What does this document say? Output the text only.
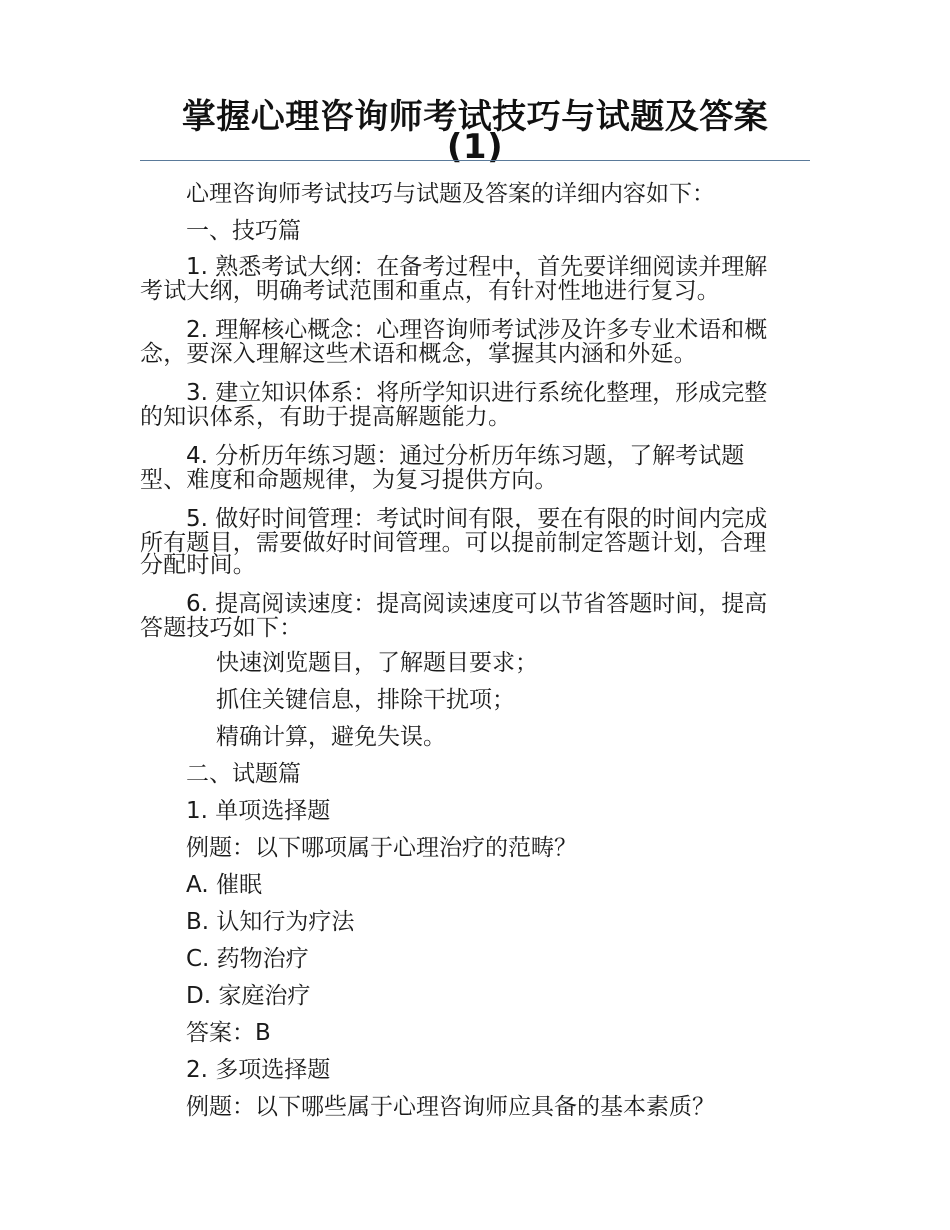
掌握心理咨询师考试技巧与试题及答案
(1)
心理咨询师考试技巧与试题及答案的详细内容如下：
一、技巧篇
1. 熟悉考试大纲：在备考过程中，首先要详细阅读并理解
考试大纲，明确考试范围和重点，有针对性地进行复习。
2. 理解核心概念：心理咨询师考试涉及许多专业术语和概
念，要深入理解这些术语和概念，掌握其内涵和外延。
3. 建立知识体系：将所学知识进行系统化整理，形成完整
的知识体系，有助于提高解题能力。
4. 分析历年练习题：通过分析历年练习题，了解考试题
型、难度和命题规律，为复习提供方向。
5. 做好时间管理：考试时间有限，要在有限的时间内完成
所有题目，需要做好时间管理。可以提前制定答题计划，合理
分配时间。
6. 提高阅读速度：提高阅读速度可以节省答题时间，提高
答题技巧如下：
快速浏览题目，了解题目要求；
抓住关键信息，排除干扰项；
精确计算，避免失误。
二、试题篇
1. 单项选择题
例题：以下哪项属于心理治疗的范畴？
A. 催眠
B. 认知行为疗法
C. 药物治疗
D. 家庭治疗
答案：B
2. 多项选择题
例题：以下哪些属于心理咨询师应具备的基本素质？
